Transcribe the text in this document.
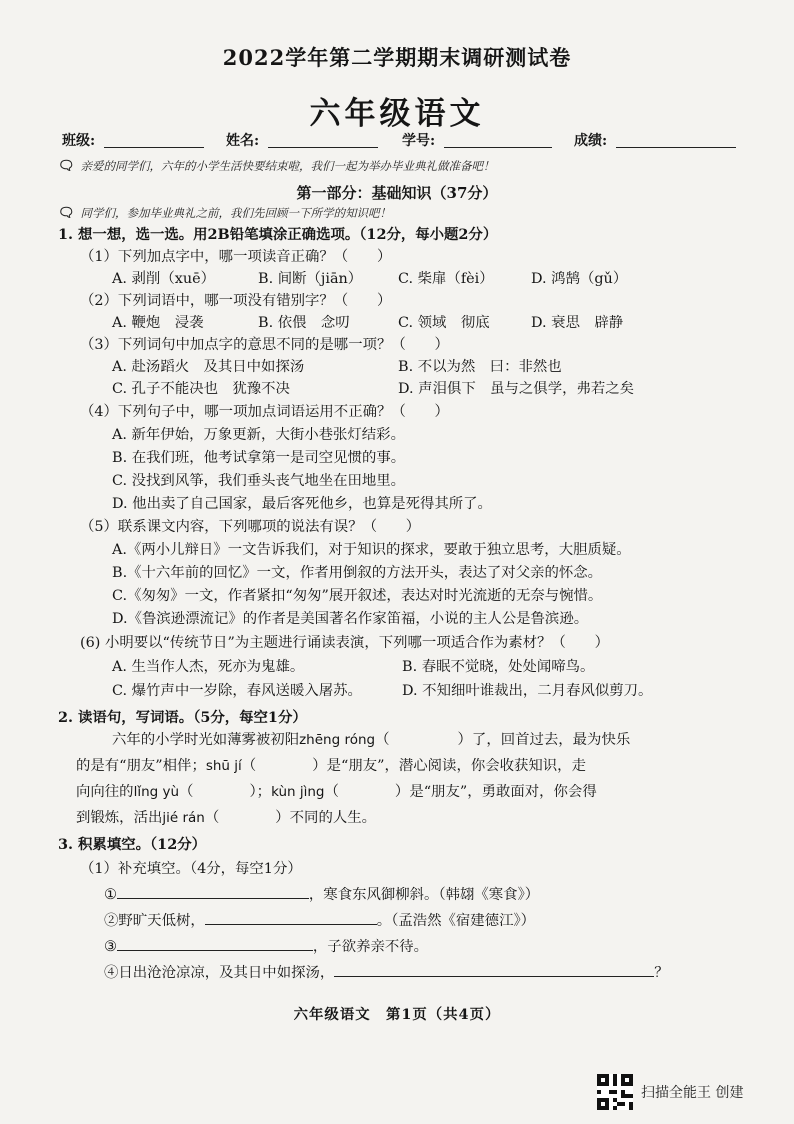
2022学年第二学期期末调研测试卷
六年级语文
班级:	姓名:	学号:	成绩:
🗨︎ 亲爱的同学们，六年的小学生活快要结束啦，我们一起为举办毕业典礼做准备吧！
第一部分：基础知识（37分）
🗨︎ 同学们，参加毕业典礼之前，我们先回顾一下所学的知识吧！
1. 想一想，选一选。用2B铅笔填涂正确选项。（12分，每小题2分）
（1）下列加点字中，哪一项读音正确？（　　）
A. 剥削（xuē）	B. 间断（jiān） C. 柴扉（fèi）	D. 鸿鹄（gǔ）
（2）下列词语中，哪一项没有错别字？（　　）
A. 鞭炮　浸袭	B. 依偎　念叨	C. 领域　彻底	D. 衰思　辟静
（3）下列词句中加点字的意思不同的是哪一项？（　　）
A. 赴汤蹈火　及其日中如探汤	B. 不以为然　曰：非然也
C. 孔子不能决也　犹豫不决	D. 声泪俱下　虽与之俱学，弗若之矣
（4）下列句子中，哪一项加点词语运用不正确？（　　）
A. 新年伊始，万象更新，大街小巷张灯结彩。
B. 在我们班，他考试拿第一是司空见惯的事。
C. 没找到风筝，我们垂头丧气地坐在田地里。
D. 他出卖了自己国家，最后客死他乡，也算是死得其所了。
（5）联系课文内容，下列哪项的说法有误？（　　）
A.《两小儿辩日》一文告诉我们，对于知识的探求，要敢于独立思考，大胆质疑。
B.《十六年前的回忆》一文，作者用倒叙的方法开头，表达了对父亲的怀念。
C.《匆匆》一文，作者紧扣“匆匆”展开叙述，表达对时光流逝的无奈与惋惜。
D.《鲁滨逊漂流记》的作者是美国著名作家笛福，小说的主人公是鲁滨逊。
(6) 小明要以“传统节日”为主题进行诵读表演，下列哪一项适合作为素材？（　　）
A. 生当作人杰，死亦为鬼雄。	B. 春眠不觉晓，处处闻啼鸟。
C. 爆竹声中一岁除，春风送暖入屠苏。	D. 不知细叶谁裁出，二月春风似剪刀。
2. 读语句，写词语。（5分，每空1分）
六年的小学时光如薄雾被初阳zhēng róng（	）了，回首过去，最为快乐
的是有“朋友”相伴；shū jí（	）是“朋友”，潜心阅读，你会收获知识，走
向向往的lǐng yù（	）；kùn jìng（	）是“朋友”，勇敢面对，你会得
到锻炼，活出jié rán（	）不同的人生。
3. 积累填空。（12分）
（1）补充填空。（4分，每空1分）
①	，寒食东风御柳斜。（韩翃《寒食》）
②野旷天低树，	。（孟浩然《宿建德江》）
③	，子欲养亲不待。
④日出沧沧凉凉，及其日中如探汤，	？
六年级语文　第1页（共4页）
扫描全能王 创建
